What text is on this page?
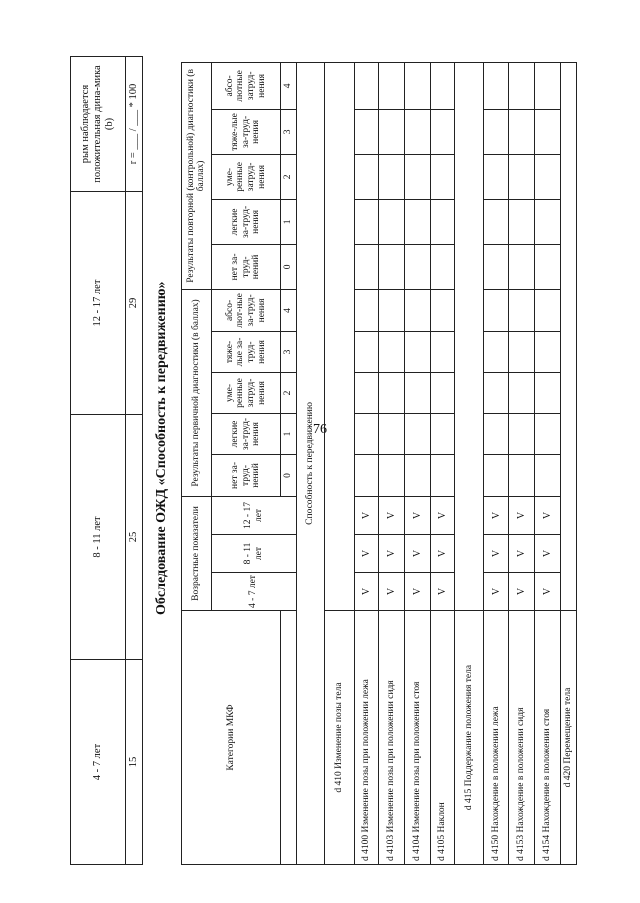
76
4 - 7 лет	8 - 11 лет	12 - 17 лет	рым наблюдается положительная дина-мика (b)
15	25	29	r = ___ / ___ * 100
Обследование ОЖД «Способность к передвижению»
Категории МКФ	Возрастные показатели			Результаты первичной диагностики (в баллах)					Результаты повторной (контрольной) диагностики (в баллах)				
	4 - 7 лет	8 - 11 лет	12 - 17 лет	нет за-труд-нений	легкие за-труд-нения	уме-ренные затруд-нения	тяже-лые за-труд-нения	абсо-лют-ные за-труд-нения	нет за-труд-нений	легкие за-труд-нения	уме-ренные затруд-нения	тяже-лые за-труд-нения	абсо-лютные затруд-нения
				0	1	2	3	4	0	1	2	3	4
Способность к передвижению													
d 410 Изменение позы тела													
d 4100 Изменение позы при положении лежа	V	V	V										
d 4103 Изменение позы при положении сидя	V	V	V										
d 4104 Изменение позы при положении стоя	V	V	V										
d 4105 Наклон	V	V	V										
d 415 Поддержание положения тела													
d 4150 Нахождение в положении лежа	V	V	V										
d 4153 Нахождение в положении сидя	V	V	V										
d 4154 Нахождение в положении стоя	V	V	V										
d 420 Перемещение тела													
